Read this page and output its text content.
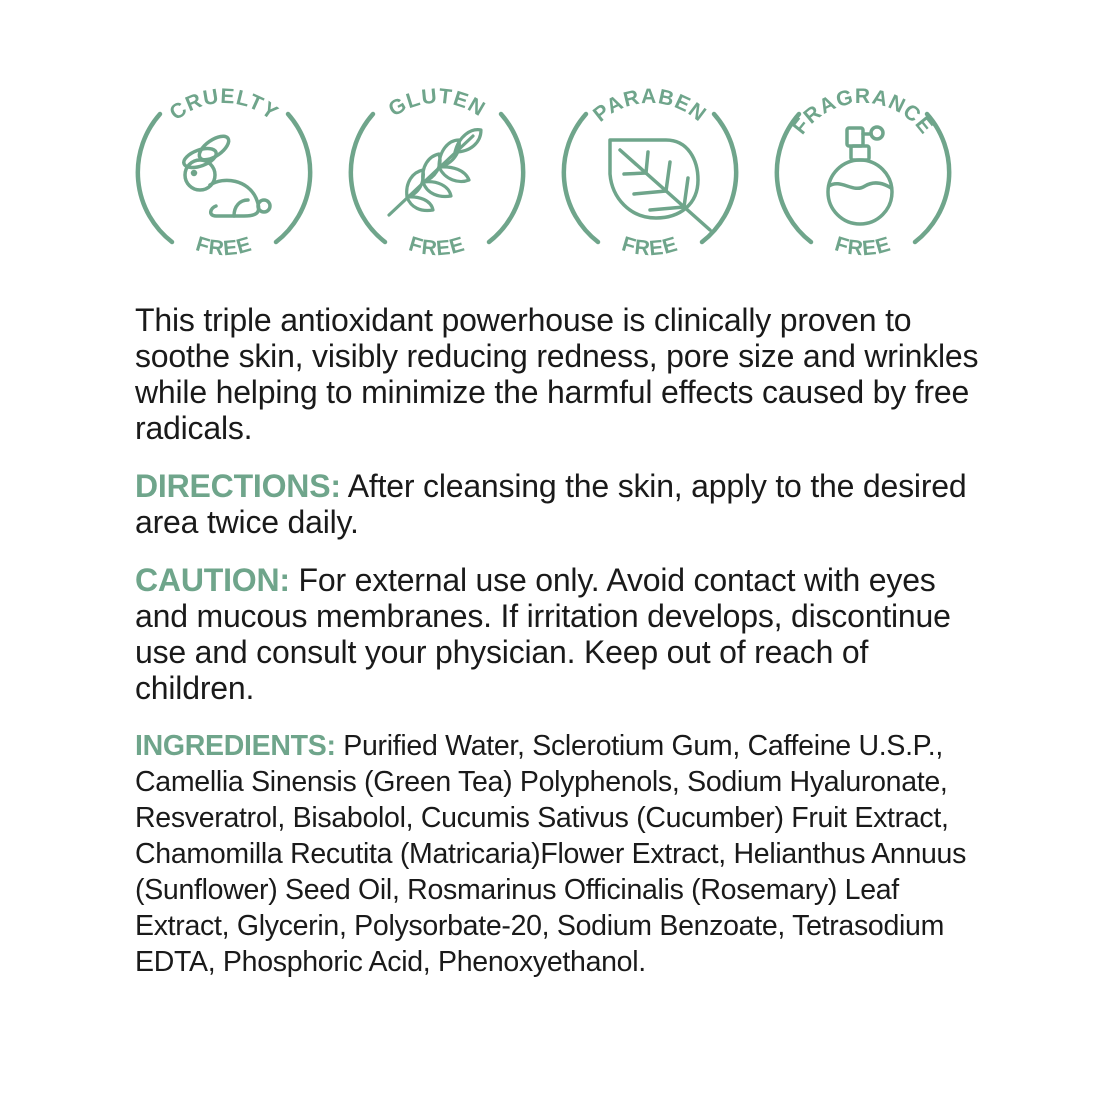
CRUELTY
FREE
GLUTEN
FREE
PARABEN
FREE
FRAGRANCE
FREE

This triple antioxidant powerhouse is clinically proven to soothe skin, visibly reducing redness, pore size and wrinkles while helping to minimize the harmful effects caused by free radicals.

DIRECTIONS: After cleansing the skin, apply to the desired area twice daily.

CAUTION: For external use only. Avoid contact with eyes and mucous membranes. If irritation develops, discontinue use and consult your physician. Keep out of reach of children.

INGREDIENTS: Purified Water, Sclerotium Gum, Caffeine U.S.P., Camellia Sinensis (Green Tea) Polyphenols, Sodium Hyaluronate, Resveratrol, Bisabolol, Cucumis Sativus (Cucumber) Fruit Extract, Chamomilla Recutita (Matricaria)Flower Extract, Helianthus Annuus (Sunflower) Seed Oil, Rosmarinus Officinalis (Rosemary) Leaf Extract, Glycerin, Polysorbate-20, Sodium Benzoate, Tetrasodium EDTA, Phosphoric Acid, Phenoxyethanol.
